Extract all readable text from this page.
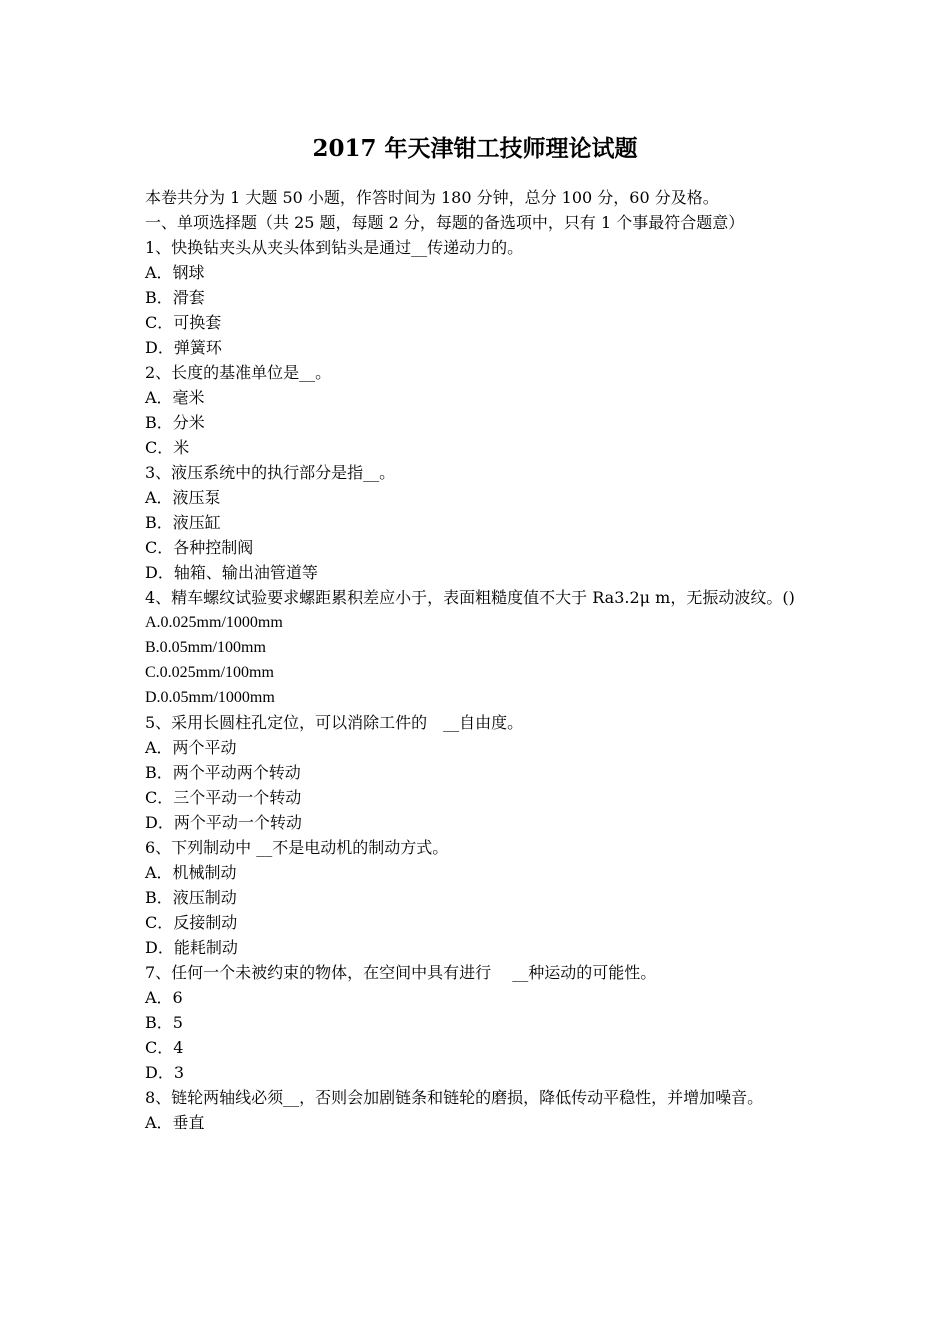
2017 年天津钳工技师理论试题
本卷共分为 1 大题 50 小题，作答时间为 180 分钟，总分 100 分，60 分及格。
一、单项选择题（共 25 题，每题 2 分，每题的备选项中，只有 1 个事最符合题意）
1、快换钻夹头从夹头体到钻头是通过__传递动力的。
A．钢球
B．滑套
C．可换套
D．弹簧环
2、长度的基准单位是__。
A．毫米
B．分米
C．米
3、液压系统中的执行部分是指__。
A．液压泵
B．液压缸
C．各种控制阀
D．轴箱、输出油管道等
4、精车螺纹试验要求螺距累积差应小于，表面粗糙度值不大于 Ra3.2μ m，无振动波纹。()
A.0.025mm/1000mm
B.0.05mm/100mm
C.0.025mm/100mm
D.0.05mm/1000mm
5、采用长圆柱孔定位，可以消除工件的　__自由度。
A．两个平动
B．两个平动两个转动
C．三个平动一个转动
D．两个平动一个转动
6、下列制动中 __不是电动机的制动方式。
A．机械制动
B．液压制动
C．反接制动
D．能耗制动
7、任何一个未被约束的物体，在空间中具有进行　 __种运动的可能性。
A．6
B．5
C．4
D．3
8、链轮两轴线必须__，否则会加剧链条和链轮的磨损，降低传动平稳性，并增加噪音。
A．垂直
